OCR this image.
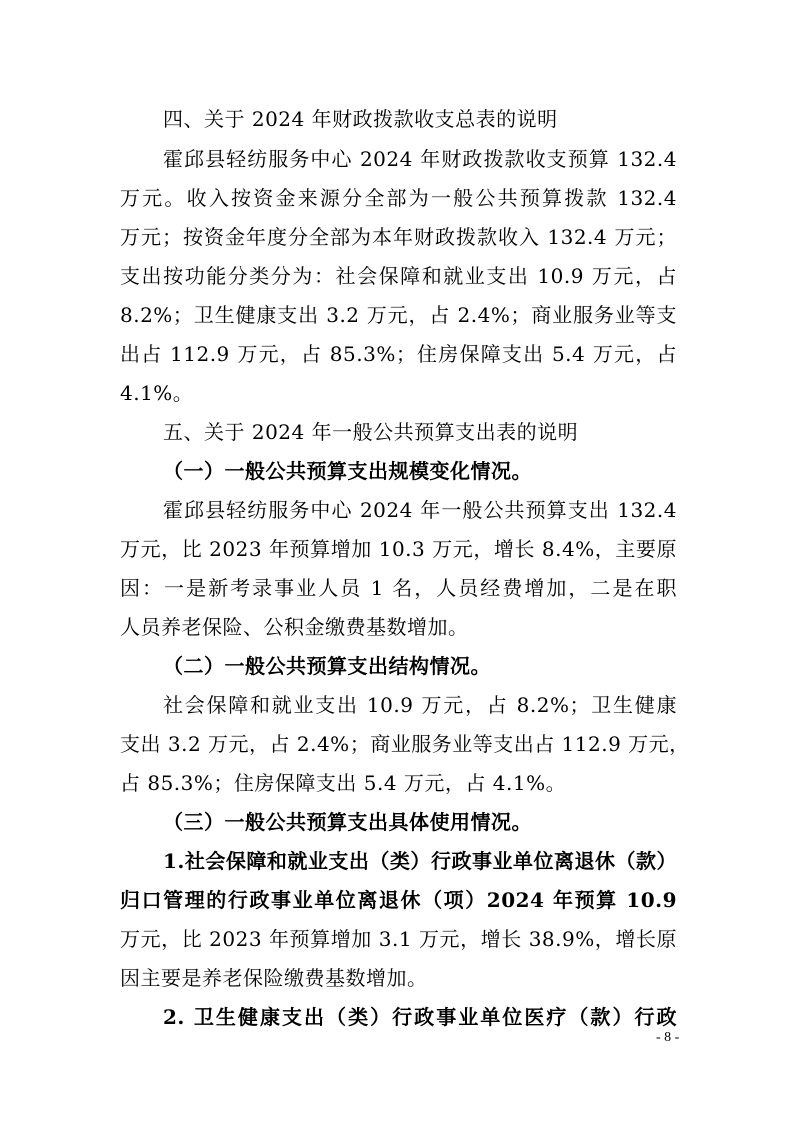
四、关于 2024 年财政拨款收支总表的说明
霍邱县轻纺服务中心 2024 年财政拨款收支预算 132.4
万元。收入按资金来源分全部为一般公共预算拨款 132.4
万元；按资金年度分全部为本年财政拨款收入 132.4 万元；
支出按功能分类分为：社会保障和就业支出 10.9 万元，占
8.2%；卫生健康支出 3.2 万元，占 2.4%；商业服务业等支
出占 112.9 万元，占 85.3%；住房保障支出 5.4 万元，占
4.1%。
五、关于 2024 年一般公共预算支出表的说明
（一）一般公共预算支出规模变化情况。
霍邱县轻纺服务中心 2024 年一般公共预算支出 132.4
万元，比 2023 年预算增加 10.3 万元，增长 8.4%，主要原
因：一是新考录事业人员 1 名，人员经费增加，二是在职
人员养老保险、公积金缴费基数增加。
（二）一般公共预算支出结构情况。
社会保障和就业支出 10.9 万元，占 8.2%；卫生健康
支出 3.2 万元，占 2.4%；商业服务业等支出占 112.9 万元，
占 85.3%；住房保障支出 5.4 万元，占 4.1%。
（三）一般公共预算支出具体使用情况。
1.社会保障和就业支出（类）行政事业单位离退休（款）
归口管理的行政事业单位离退休（项）2024 年预算 10.9
万元，比 2023 年预算增加 3.1 万元，增长 38.9%，增长原
因主要是养老保险缴费基数增加。
2. 卫生健康支出（类）行政事业单位医疗（款）行政
- 8 -
